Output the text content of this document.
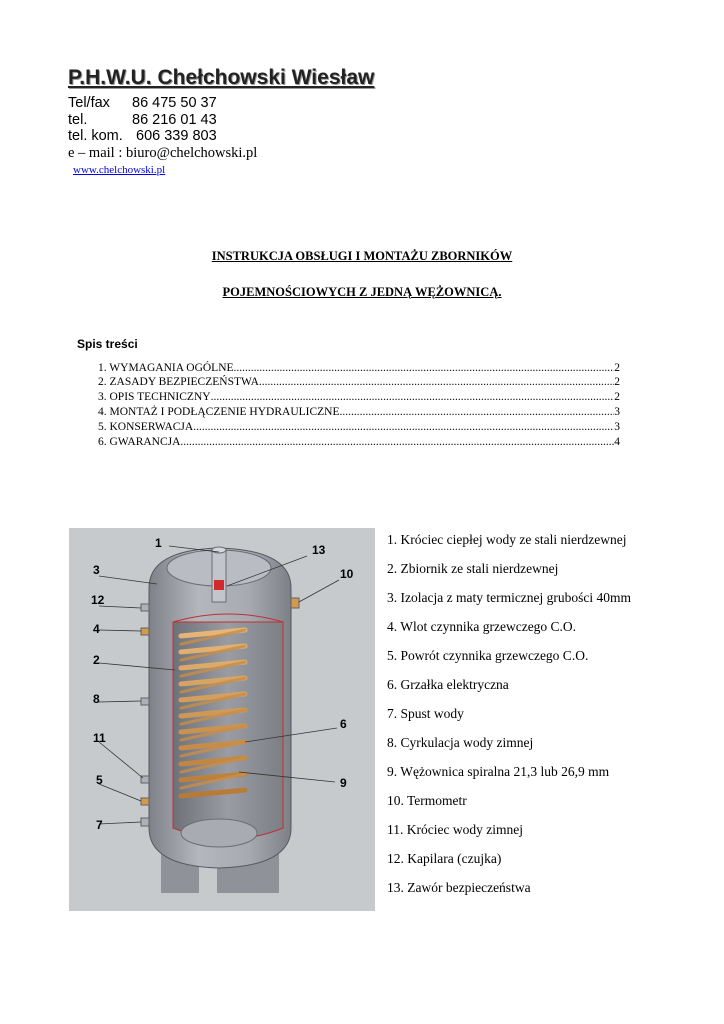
P.H.W.U. Chełchowski Wiesław
Tel/fax 86 475 50 37
tel.	86 216 01 43
tel. kom. 606 339 803
e – mail : biuro@chelchowski.pl
www.chelchowski.pl
INSTRUKCJA OBSŁUGI I MONTAŻU ZBORNIKÓW
POJEMNOŚCIOWYCH Z JEDNĄ WĘŻOWNICĄ.
Spis treści
1. WYMAGANIA OGÓLNE .....	2
2. ZASADY BEZPIECZEŃSTWA .....	2
3. OPIS TECHNICZNY .....	2
4. MONTAŻ I PODŁĄCZENIE HYDRAULICZNE .....	3
5. KONSERWACJA .....	3
6. GWARANCJA .....	4
1	13
3	10
12
4
2
8
6
11
5	9
7
1. Króciec ciepłej wody ze stali nierdzewnej
2. Zbiornik ze stali nierdzewnej
3. Izolacja z maty termicznej grubości 40mm
4. Wlot czynnika grzewczego C.O.
5. Powrót czynnika grzewczego C.O.
6. Grzałka elektryczna
7. Spust wody
8. Cyrkulacja wody zimnej
9. Wężownica spiralna 21,3 lub 26,9 mm
10. Termometr
11. Króciec wody zimnej
12. Kapilara (czujka)
13. Zawór bezpieczeństwa
